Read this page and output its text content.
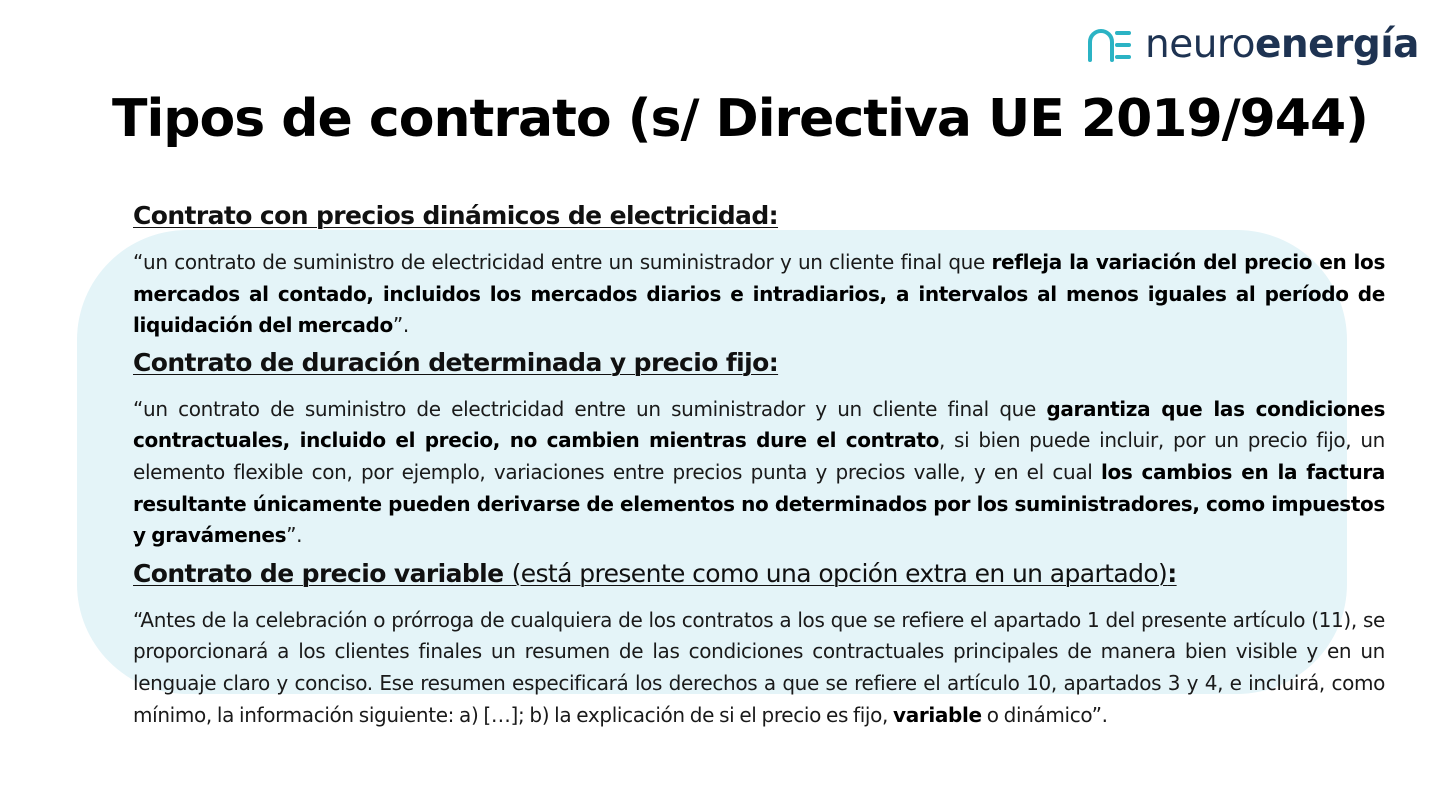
neuroenergía
Tipos de contrato (s/ Directiva UE 2019/944)
Contrato con precios dinámicos de electricidad:

“un contrato de suministro de electricidad entre un suministrador y un cliente final que refleja la variación del precio en los mercados al contado, incluidos los mercados diarios e intradiarios, a intervalos al menos iguales al período de liquidación del mercado”.

Contrato de duración determinada y precio fijo:

“un contrato de suministro de electricidad entre un suministrador y un cliente final que garantiza que las condiciones contractuales, incluido el precio, no cambien mientras dure el contrato, si bien puede incluir, por un precio fijo, un elemento flexible con, por ejemplo, variaciones entre precios punta y precios valle, y en el cual los cambios en la factura resultante únicamente pueden derivarse de elementos no determinados por los suministradores, como impuestos y gravámenes”.

Contrato de precio variable (está presente como una opción extra en un apartado):

“Antes de la celebración o prórroga de cualquiera de los contratos a los que se refiere el apartado 1 del presente artículo (11), se proporcionará a los clientes finales un resumen de las condiciones contractuales principales de manera bien visible y en un lenguaje claro y conciso. Ese resumen especificará los derechos a que se refiere el artículo 10, apartados 3 y 4, e incluirá, como mínimo, la información siguiente: a) […]; b) la explicación de si el precio es fijo, variable o dinámico”.
